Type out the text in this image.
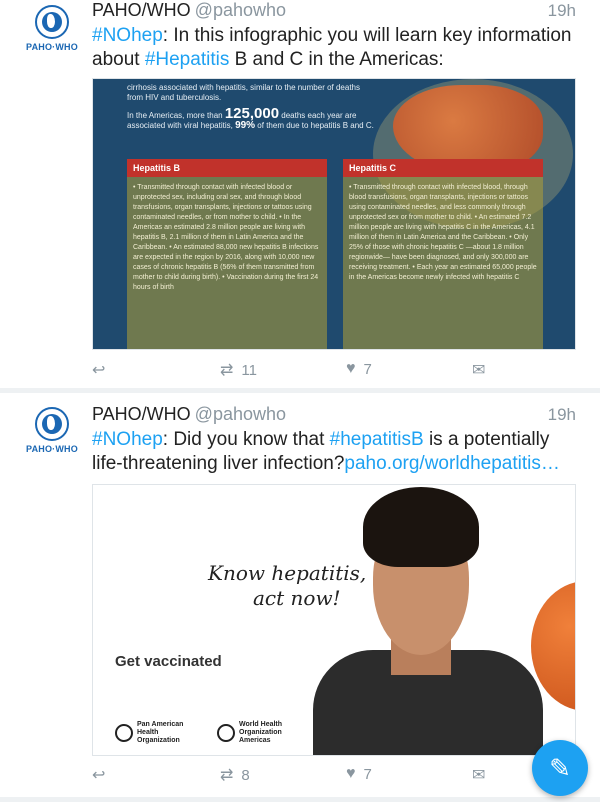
PAHO·WHO
PAHO/WHO @pahowho	19h
#NOhep: In this infographic you will learn key information about #Hepatitis B and C in the Americas:
cirrhosis associated with hepatitis, similar to the number of deaths from HIV and tuberculosis.
In the Americas, more than 125,000 deaths each year are associated with viral hepatitis, 99% of them due to hepatitis B and C.
Hepatitis B
• Transmitted through contact with infected blood or unprotected sex, including oral sex, and through blood transfusions, organ transplants, injections or tattoos using contaminated needles, or from mother to child. • In the Americas an estimated 2.8 million people are living with hepatitis B, 2.1 million of them in Latin America and the Caribbean. • An estimated 88,000 new hepatitis B infections are expected in the region by 2016, along with 10,000 new cases of chronic hepatitis B (56% of them transmitted from mother to child during birth). • Vaccination during the first 24 hours of birth
Hepatitis C
• Transmitted through contact with infected blood, through blood transfusions, organ transplants, injections or tattoos using contaminated needles, and less commonly through unprotected sex or from mother to child. • An estimated 7.2 million people are living with hepatitis C in the Americas, 4.1 million of them in Latin America and the Caribbean. • Only 25% of those with chronic hepatitis C —about 1.8 million regionwide— have been diagnosed, and only 300,000 are receiving treatment. • Each year an estimated 65,000 people in the Americas become newly infected with hepatitis C
↩	⇄ 11	♥ 7	✉
PAHO·WHO
PAHO/WHO @pahowho	19h
#NOhep: Did you know that #hepatitisB is a potentially life-threatening liver infection?paho.org/worldhepatitis…
Know hepatitis,
act now!
Get vaccinated
Pan American Health Organization
World Health Organization Americas
↩	⇄ 8	♥ 7	✉ ✎
